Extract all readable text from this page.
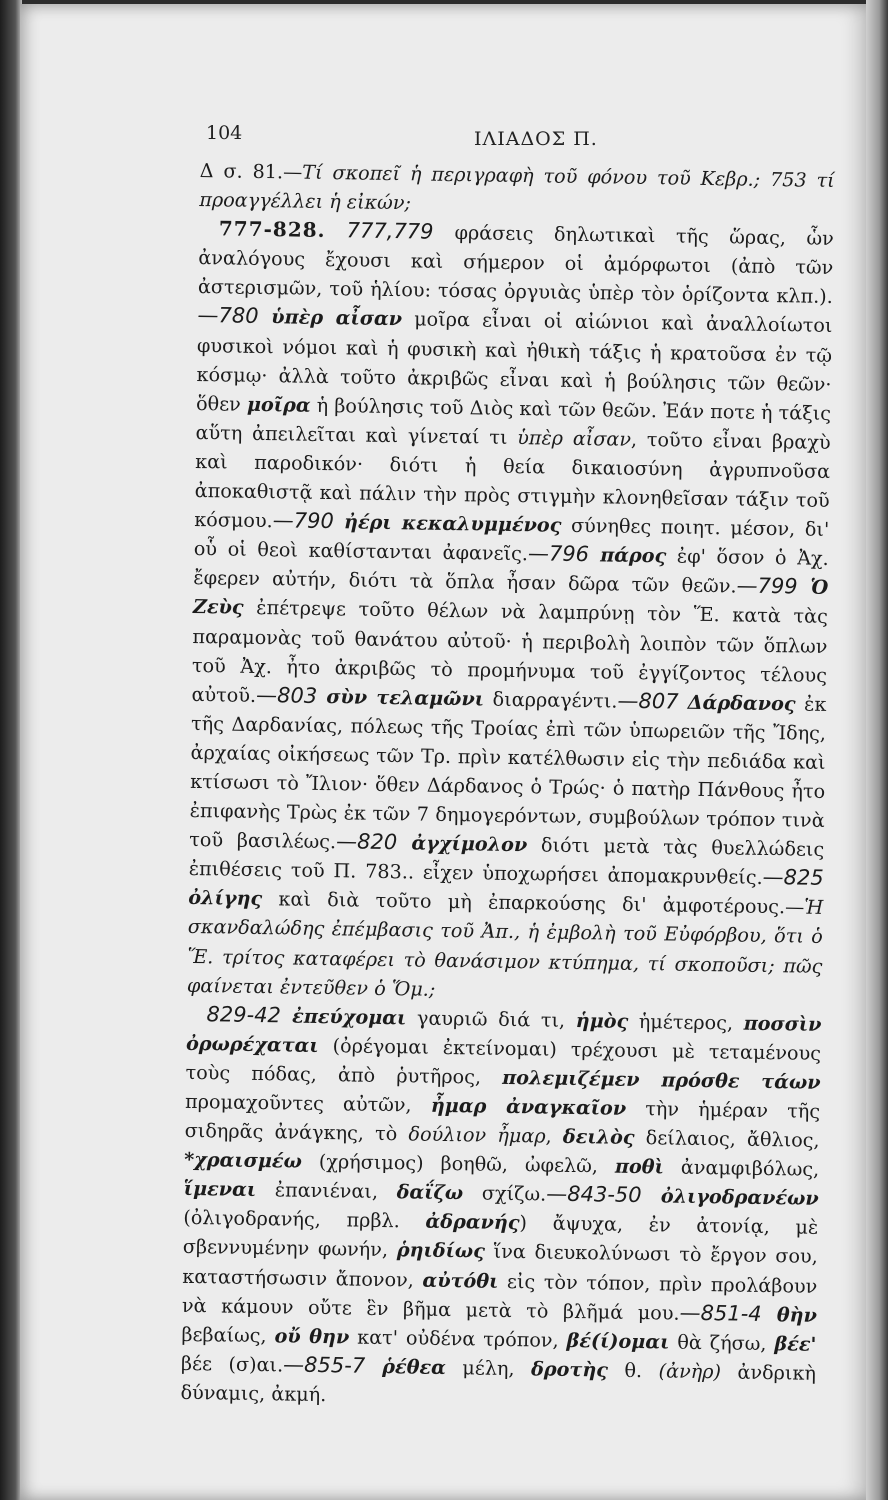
104	ΙΛΙΑΔΟΣ Π.

Δ σ. 81.—Τί σκοπεῖ ἡ περιγραφὴ τοῦ φόνου τοῦ Κεβρ.; 753 τί προαγγέλλει ἡ εἰκών;

777-828. 777,779 φράσεις δηλωτικαὶ τῆς ὥρας, ὧν ἀναλόγους ἔχουσι καὶ σήμερον οἱ ἀμόρφωτοι (ἀπὸ τῶν ἀστερισμῶν, τοῦ ἡλίου: τόσας ὀργυιὰς ὑπὲρ τὸν ὁρίζοντα κλπ.). —780 ὑπὲρ αἶσαν μοῖρα εἶναι οἱ αἰώνιοι καὶ ἀναλλοίωτοι φυσικοὶ νόμοι καὶ ἡ φυσικὴ καὶ ἠθικὴ τάξις ἡ κρατοῦσα ἐν τῷ κόσμῳ· ἀλλὰ τοῦτο ἀκριβῶς εἶναι καὶ ἡ βούλησις τῶν θεῶν· ὅθεν μοῖρα ἡ βούλησις τοῦ Διὸς καὶ τῶν θεῶν. Ἐάν ποτε ἡ τάξις αὕτη ἀπειλεῖται καὶ γίνεταί τι ὑπὲρ αἶσαν, τοῦτο εἶναι βραχὺ καὶ παροδικόν· διότι ἡ θεία δικαιοσύνη ἀγρυπνοῦσα ἀποκαθιστᾷ καὶ πάλιν τὴν πρὸς στιγμὴν κλονηθεῖσαν τάξιν τοῦ κόσμου.—790 ἠέρι κεκαλυμμένος σύνηθες ποιητ. μέσον, δι' οὗ οἱ θεοὶ καθίστανται ἀφανεῖς.—796 πάρος ἐφ' ὅσον ὁ Ἀχ. ἔφερεν αὐτήν, διότι τὰ ὅπλα ἦσαν δῶρα τῶν θεῶν.—799 Ὁ Ζεὺς ἐπέτρεψε τοῦτο θέλων νὰ λαμπρύνῃ τὸν Ἕ. κατὰ τὰς παραμονὰς τοῦ θανάτου αὐτοῦ· ἡ περιβολὴ λοιπὸν τῶν ὅπλων τοῦ Ἀχ. ἦτο ἀκριβῶς τὸ προμήνυμα τοῦ ἐγγίζοντος τέλους αὐτοῦ.—803 σὺν τελαμῶνι διαρραγέντι.—807 Δάρδανος ἐκ τῆς Δαρδανίας, πόλεως τῆς Τροίας ἐπὶ τῶν ὑπωρειῶν τῆς Ἴδης, ἀρχαίας οἰκήσεως τῶν Τρ. πρὶν κατέλθωσιν εἰς τὴν πεδιάδα καὶ κτίσωσι τὸ Ἴλιον· ὅθεν Δάρδανος ὁ Τρώς· ὁ πατὴρ Πάνθους ἦτο ἐπιφανὴς Τρὼς ἐκ τῶν 7 δημογερόντων, συμβούλων τρόπον τινὰ τοῦ βασιλέως.—820 ἀγχίμολον διότι μετὰ τὰς θυελλώδεις ἐπιθέσεις τοῦ Π. 783.. εἶχεν ὑποχωρήσει ἀπομακρυνθείς.—825 ὀλίγης καὶ διὰ τοῦτο μὴ ἐπαρκούσης δι' ἀμφοτέρους.—Ἡ σκανδαλώδης ἐπέμβασις τοῦ Ἀπ., ἡ ἐμβολὴ τοῦ Εὐφόρβου, ὅτι ὁ Ἕ. τρίτος καταφέρει τὸ θανάσιμον κτύπημα, τί σκοποῦσι; πῶς φαίνεται ἐντεῦθεν ὁ Ὅμ.;

829-42 ἐπεύχομαι γαυριῶ διά τι, ἡμὸς ἡμέτερος, ποσσὶν ὀρωρέχαται (ὀρέγομαι ἐκτείνομαι) τρέχουσι μὲ τεταμένους τοὺς πόδας, ἀπὸ ῥυτῆρος, πολεμιζέμεν πρόσθε τάων προμαχοῦντες αὐτῶν, ἦμαρ ἀναγκαῖον τὴν ἡμέραν τῆς σιδηρᾶς ἀνάγκης, τὸ δούλιον ἦμαρ, δειλὸς δείλαιος, ἄθλιος, *χραισμέω (χρήσιμος) βοηθῶ, ὠφελῶ, ποθὶ ἀναμφιβόλως, ἵμεναι ἐπανιέναι, δαΐζω σχίζω.—843-50 ὀλιγοδρανέων (ὀλιγοδρανής, πρβλ. ἀδρανής) ἄψυχα, ἐν ἀτονίᾳ, μὲ σβεννυμένην φωνήν, ῥηιδίως ἵνα διευκολύνωσι τὸ ἔργον σου, καταστήσωσιν ἄπονον, αὐτόθι εἰς τὸν τόπον, πρὶν προλάβουν νὰ κάμουν οὔτε ἓν βῆμα μετὰ τὸ βλῆμά μου.—851-4 θὴν βεβαίως, οὔ θην κατ' οὐδένα τρόπον, βέ(ί)ομαι θὰ ζήσω, βέε' βέε (σ)αι.—855-7 ῥέθεα μέλη, δροτὴς θ. (ἀνὴρ) ἀνδρικὴ δύναμις, ἀκμή.
